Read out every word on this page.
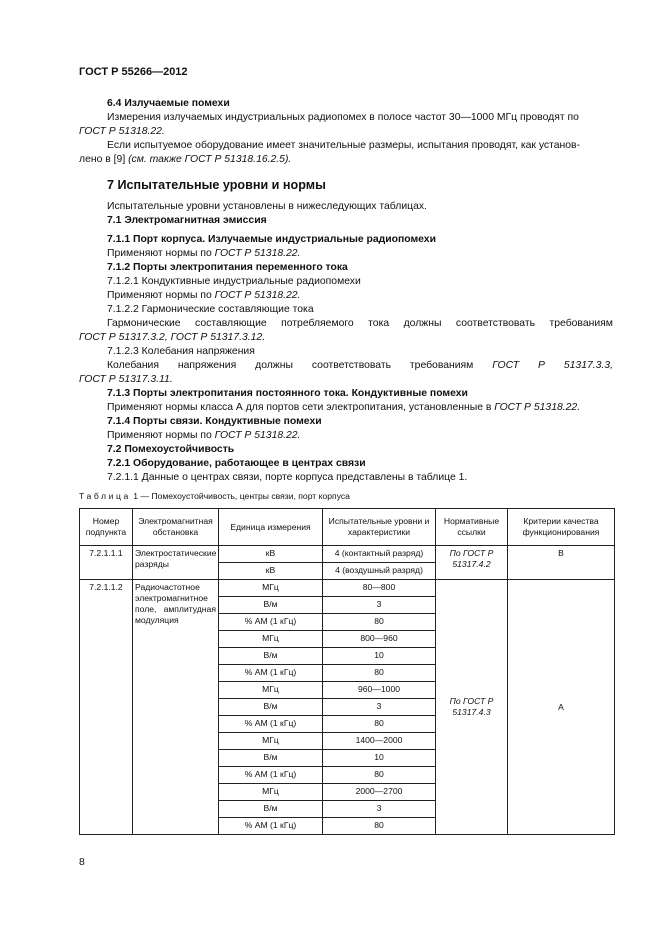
ГОСТ Р 55266—2012
6.4 Излучаемые помехи
Измерения излучаемых индустриальных радиопомех в полосе частот 30—1000 МГц проводят по
ГОСТ Р 51318.22.
Если испытуемое оборудование имеет значительные размеры, испытания проводят, как установ-
лено в [9] (см. также ГОСТ Р 51318.16.2.5).
7 Испытательные уровни и нормы
Испытательные уровни установлены в нижеследующих таблицах.
7.1 Электромагнитная эмиссия
7.1.1 Порт корпуса. Излучаемые индустриальные радиопомехи
Применяют нормы по ГОСТ Р 51318.22.
7.1.2 Порты электропитания переменного тока
7.1.2.1 Кондуктивные индустриальные радиопомехи
Применяют нормы по ГОСТ Р 51318.22.
7.1.2.2 Гармонические составляющие тока
Гармонические составляющие потребляемого тока должны соответствовать требованиям
ГОСТ Р 51317.3.2, ГОСТ Р 51317.3.12.
7.1.2.3 Колебания напряжения
Колебания напряжения должны соответствовать требованиям ГОСТ Р 51317.3.3,
ГОСТ Р 51317.3.11.
7.1.3 Порты электропитания постоянного тока. Кондуктивные помехи
Применяют нормы класса А для портов сети электропитания, установленные в ГОСТ Р 51318.22.
7.1.4 Порты связи. Кондуктивные помехи
Применяют нормы по ГОСТ Р 51318.22.
7.2 Помехоустойчивость
7.2.1 Оборудование, работающее в центрах связи
7.2.1.1 Данные о центрах связи, порте корпуса представлены в таблице 1.
Таблица 1 — Помехоустойчивость, центры связи, порт корпуса
Номер подпункта	Электромагнитная обстановка	Единица измерения	Испытательные уровни и характеристики	Нормативные ссылки	Критерии качества функционирования
7.2.1.1.1	Электростатические разряды	кВ	4 (контактный разряд)	По ГОСТ Р 51317.4.2	В
		кВ	4 (воздушный разряд)		
7.2.1.1.2	Радиочастотное электромагнитное поле, амплитудная модуляция	МГц	80—800	По ГОСТ Р 51317.4.3	А
		В/м	3		
		% АМ (1 кГц)	80		
		МГц	800—960		
		В/м	10		
		% АМ (1 кГц)	80		
		МГц	960—1000		
		В/м	3		
		% АМ (1 кГц)	80		
		МГц	1400—2000		
		В/м	10		
		% АМ (1 кГц)	80		
		МГц	2000—2700		
		В/м	3		
		% АМ (1 кГц)	80		
8
